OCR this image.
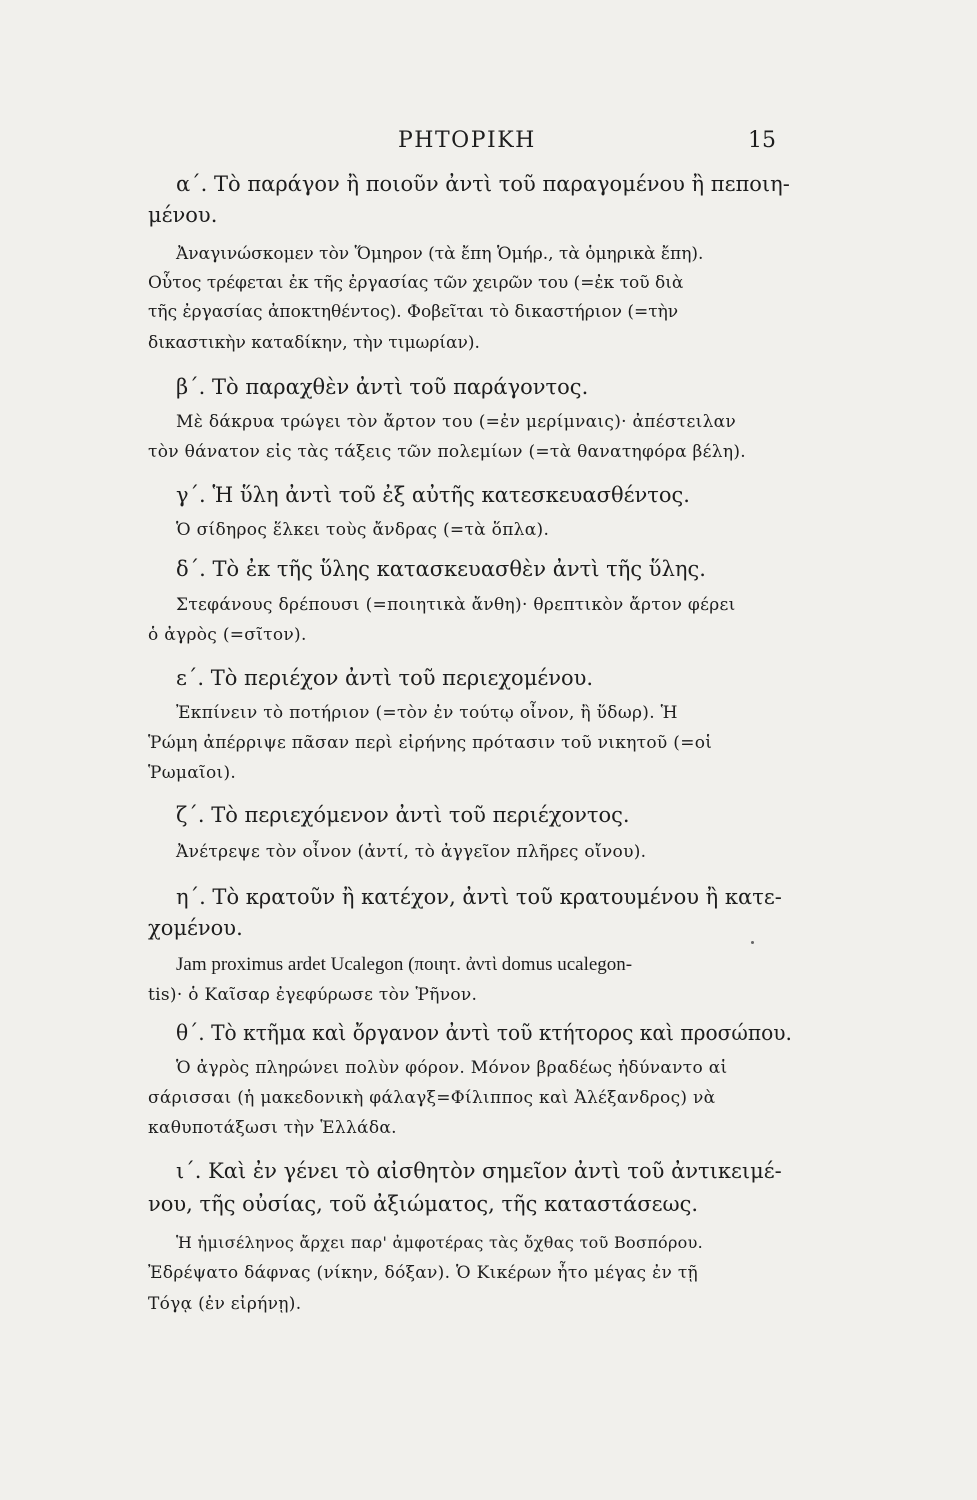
ΡΗΤΟΡΙΚΗ	15
α΄. Τὸ παράγον ἢ ποιοῦν ἀντὶ τοῦ παραγομένου ἢ πεποιη-
μένου.
Ἀναγινώσκομεν τὸν Ὅμηρον (τὰ ἔπη Ὁμήρ., τὰ ὁμηρικὰ ἔπη).
Οὗτος τρέφεται ἐκ τῆς ἐργασίας τῶν χειρῶν του (=ἐκ τοῦ διὰ
τῆς ἐργασίας ἀποκτηθέντος). Φοβεῖται τὸ δικαστήριον (=τὴν
δικαστικὴν καταδίκην, τὴν τιμωρίαν).
β΄. Τὸ παραχθὲν ἀντὶ τοῦ παράγοντος.
Μὲ δάκρυα τρώγει τὸν ἄρτον του (=ἐν μερίμναις)· ἀπέστειλαν
τὸν θάνατον εἰς τὰς τάξεις τῶν πολεμίων (=τὰ θανατηφόρα βέλη).
γ΄. Ἡ ὕλη ἀντὶ τοῦ ἐξ αὐτῆς κατεσκευασθέντος.
Ὁ σίδηρος ἕλκει τοὺς ἄνδρας (=τὰ ὅπλα).
δ΄. Τὸ ἐκ τῆς ὕλης κατασκευασθὲν ἀντὶ τῆς ὕλης.
Στεφάνους δρέπουσι (=ποιητικὰ ἄνθη)· θρεπτικὸν ἄρτον φέρει
ὁ ἀγρὸς (=σῖτον).
ε΄. Τὸ περιέχον ἀντὶ τοῦ περιεχομένου.
Ἐκπίνειν τὸ ποτήριον (=τὸν ἐν τούτῳ οἶνον, ἢ ὕδωρ). Ἡ
Ῥώμη ἀπέρριψε πᾶσαν περὶ εἰρήνης πρότασιν τοῦ νικητοῦ (=οἱ
Ῥωμαῖοι).
ζ΄. Τὸ περιεχόμενον ἀντὶ τοῦ περιέχοντος.
Ἀνέτρεψε τὸν οἶνον (ἀντί, τὸ ἀγγεῖον πλῆρες οἴνου).
η΄. Τὸ κρατοῦν ἢ κατέχον, ἀντὶ τοῦ κρατουμένου ἢ κατε-
χομένου.
Jam proximus ardet Ucalegon (ποιητ. ἀντὶ domus ucalegon-
tis)· ὁ Καῖσαρ ἐγεφύρωσε τὸν Ῥῆνον.
θ΄. Τὸ κτῆμα καὶ ὄργανον ἀντὶ τοῦ κτήτορος καὶ προσώπου.
Ὁ ἀγρὸς πληρώνει πολὺν φόρον. Μόνον βραδέως ἠδύναντο αἱ
σάρισσαι (ἡ μακεδονικὴ φάλαγξ=Φίλιππος καὶ Ἀλέξανδρος) νὰ
καθυποτάξωσι τὴν Ἑλλάδα.
ι΄. Καὶ ἐν γένει τὸ αἰσθητὸν σημεῖον ἀντὶ τοῦ ἀντικειμέ-
νου, τῆς οὐσίας, τοῦ ἀξιώματος, τῆς καταστάσεως.
Ἡ ἡμισέληνος ἄρχει παρ' ἀμφοτέρας τὰς ὄχθας τοῦ Βοσπόρου.
Ἐδρέψατο δάφνας (νίκην, δόξαν). Ὁ Κικέρων ἦτο μέγας ἐν τῇ
Τόγᾳ (ἐν εἰρήνῃ).
